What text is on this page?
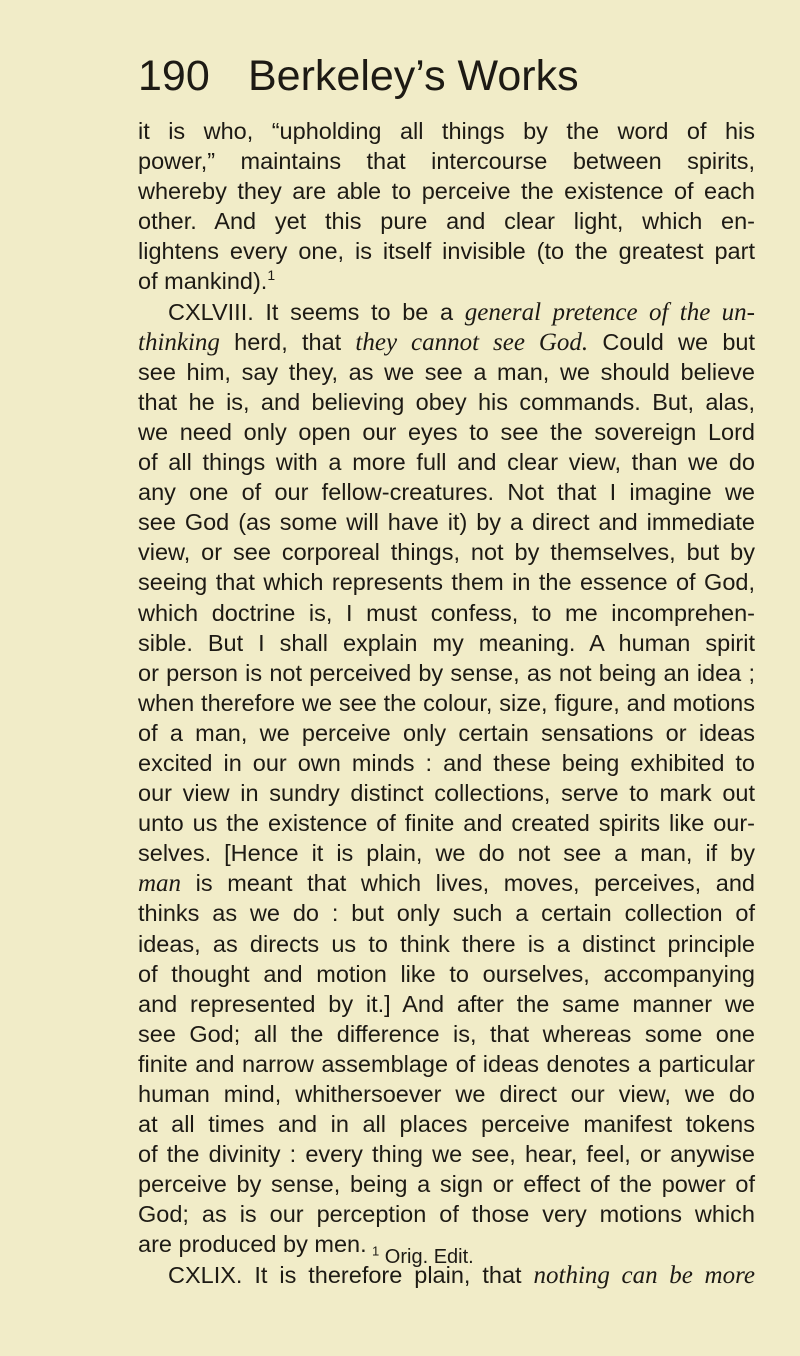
190 Berkeley’s Works
it is who, “upholding all things by the word of his
power,” maintains that intercourse between spirits,
whereby they are able to perceive the existence of each
other. And yet this pure and clear light, which en-
lightens every one, is itself invisible (to the greatest part
of mankind).$^1$
CXLVIII. It seems to be a general pretence of the un-
thinking herd, that they cannot see God. Could we but
see him, say they, as we see a man, we should believe
that he is, and believing obey his commands. But, alas,
we need only open our eyes to see the sovereign Lord
of all things with a more full and clear view, than we do
any one of our fellow-creatures. Not that I imagine we
see God (as some will have it) by a direct and immediate
view, or see corporeal things, not by themselves, but by
seeing that which represents them in the essence of God,
which doctrine is, I must confess, to me incomprehen-
sible. But I shall explain my meaning. A human spirit
or person is not perceived by sense, as not being an idea ;
when therefore we see the colour, size, figure, and motions
of a man, we perceive only certain sensations or ideas
excited in our own minds : and these being exhibited to
our view in sundry distinct collections, serve to mark out
unto us the existence of finite and created spirits like our-
selves. [Hence it is plain, we do not see a man, if by
man is meant that which lives, moves, perceives, and
thinks as we do : but only such a certain collection of
ideas, as directs us to think there is a distinct principle
of thought and motion like to ourselves, accompanying
and represented by it.] And after the same manner we
see God; all the difference is, that whereas some one
finite and narrow assemblage of ideas denotes a particular
human mind, whithersoever we direct our view, we do
at all times and in all places perceive manifest tokens
of the divinity : every thing we see, hear, feel, or anywise
perceive by sense, being a sign or effect of the power of
God; as is our perception of those very motions which
are produced by men.
CXLIX. It is therefore plain, that nothing can be more
$^1$ Orig. Edit.
